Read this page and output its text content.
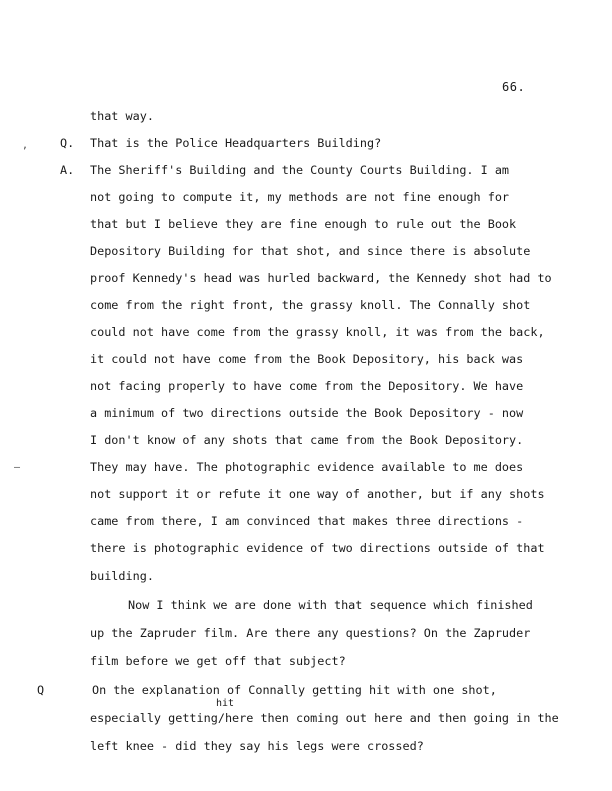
66.
,
—
Q.
A.
Q
that way.
That is the Police Headquarters Building?
The Sheriff's Building and the County Courts Building. I am
not going to compute it, my methods are not fine enough for
that but I believe they are fine enough to rule out the Book
Depository Building for that shot, and since there is absolute
proof Kennedy's head was hurled backward, the Kennedy shot had to
come from the right front, the grassy knoll. The Connally shot
could not have come from the grassy knoll, it was from the back,
it could not have come from the Book Depository, his back was
not facing properly to have come from the Depository. We have
a minimum of two directions outside the Book Depository - now
I don't know of any shots that came from the Book Depository.
They may have. The photographic evidence available to me does
not support it or refute it one way of another, but if any shots
came from there, I am convinced that makes three directions -
there is photographic evidence of two directions outside of that
building.
Now I think we are done with that sequence which finished
up the Zapruder film. Are there any questions? On the Zapruder
film before we get off that subject?
On the explanation of Connally getting hit with one shot,
hit
especially getting/here then coming out here and then going in the
left knee - did they say his legs were crossed?
